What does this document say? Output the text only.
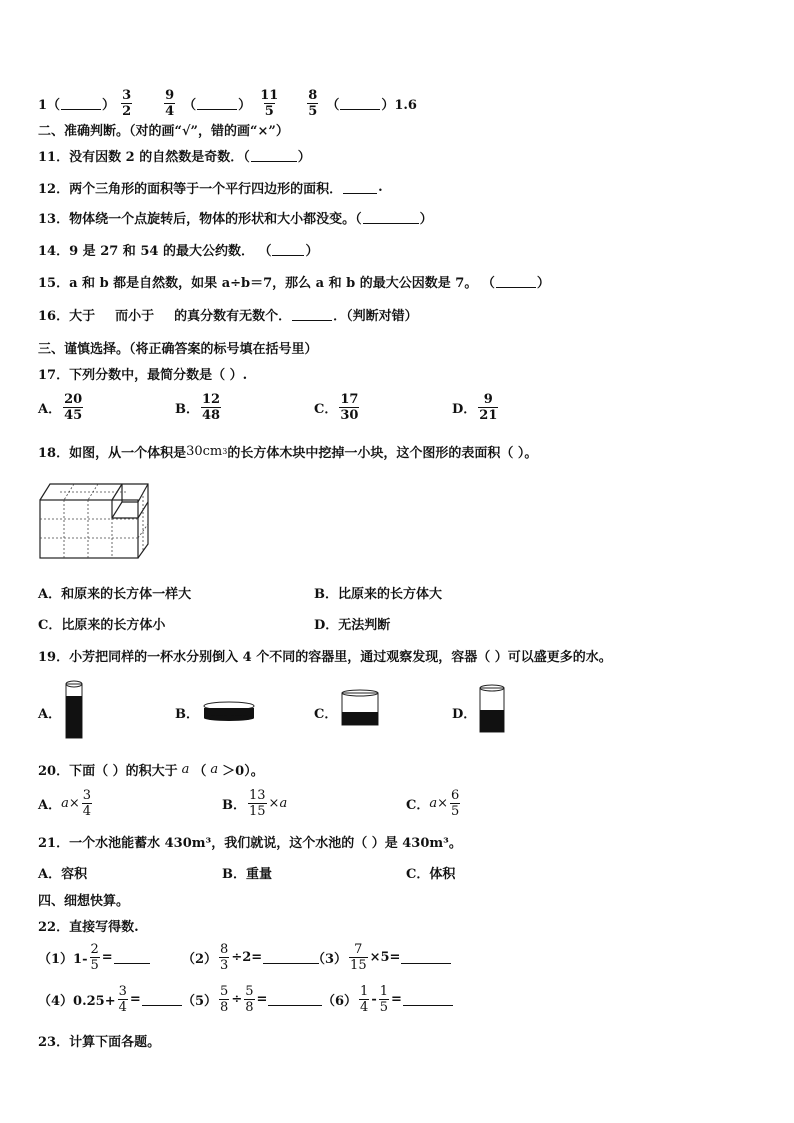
1（	） $\frac{3}{2} \frac{9}{4}$ （	） $\frac{11}{5} \frac{8}{5}$ （	）1.6
二、准确判断。（对的画“√”，错的画“×”）
11．没有因数 2 的自然数是奇数．（	）
12．两个三角形的面积等于一个平行四边形的面积．	.
13．物体绕一个点旋转后，物体的形状和大小都没变。（	）
14．9 是 27 和 54 的最大公约数． （	）
15．a 和 b 都是自然数，如果 a÷b＝7，那么 a 和 b 的最大公因数是 7。 （	）
16．大于 而小于 的真分数有无数个．	．（判断对错）
三、谨慎选择。（将正确答案的标号填在括号里）
17．下列分数中，最简分数是（ ）.
A． $\frac{20}{45}$	B． $\frac{12}{48}$	C． $\frac{17}{30}$	D． $\frac{9}{21}$
18．如图，从一个体积是 30cm 3 的长方体木块中挖掉一小块，这个图形的表面积（ ）。
A．和原来的长方体一样大	B．比原来的长方体大
C．比原来的长方体小	D．无法判断
19．小芳把同样的一杯水分别倒入 4 个不同的容器里，通过观察发现，容器（ ）可以盛更多的水。
A．	B．	C．	D．
20．下面（ ）的积大于 a （ a ＞0）。
A． $a\times \frac{3}{4}$	B． $\frac{13}{15} \times a$	C． $a\times \frac{6}{5}$
21．一个水池能蓄水 430m³，我们就说，这个水池的（ ）是 430m³。
A．容积	B．重量	C．体积
四、细想快算。
22．直接写得数.
$(1)1- \frac{2}{5}$ =	$(2) \frac{8}{3} \div 2=$	$(3) \frac{7}{15} \times 5=$
$(4)0.25+ \frac{3}{4}$ =	$(5) \frac{5}{8} \div \frac{5}{8}$ =	$(6) \frac{1}{4} - \frac{1}{5}$ =
23．计算下面各题。
